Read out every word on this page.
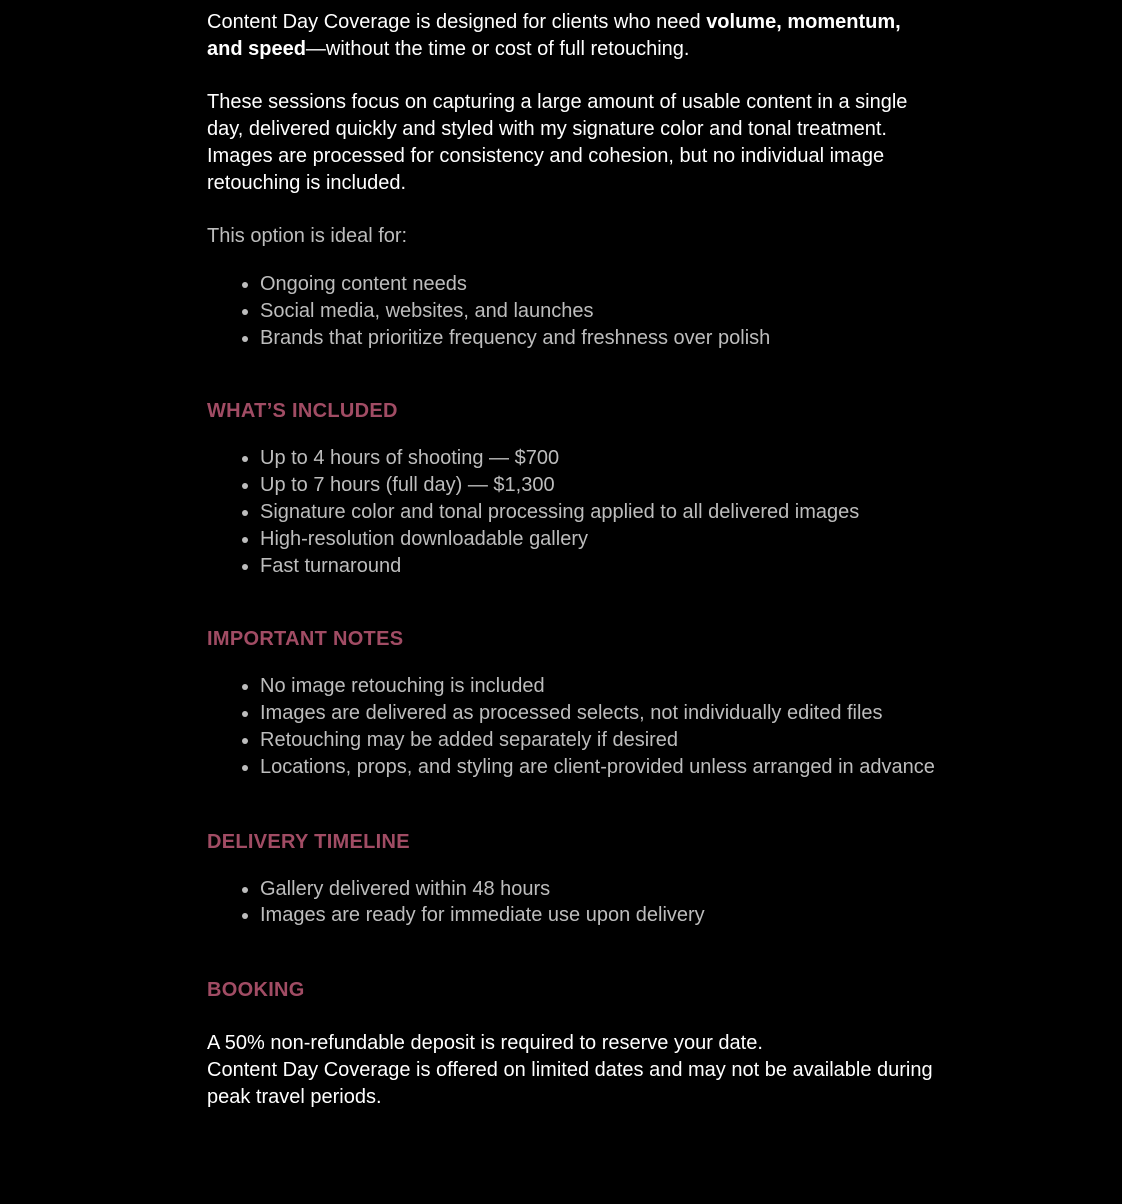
Content Day Coverage is designed for clients who need volume, momentum, and speed—without the time or cost of full retouching.

These sessions focus on capturing a large amount of usable content in a single day, delivered quickly and styled with my signature color and tonal treatment. Images are processed for consistency and cohesion, but no individual image retouching is included.

This option is ideal for:

• Ongoing content needs
• Social media, websites, and launches
• Brands that prioritize frequency and freshness over polish
WHAT’S INCLUDED
• Up to 4 hours of shooting — $700
• Up to 7 hours (full day) — $1,300
• Signature color and tonal processing applied to all delivered images
• High-resolution downloadable gallery
• Fast turnaround
IMPORTANT NOTES
• No image retouching is included
• Images are delivered as processed selects, not individually edited files
• Retouching may be added separately if desired
• Locations, props, and styling are client-provided unless arranged in advance
DELIVERY TIMELINE
• Gallery delivered within 48 hours
• Images are ready for immediate use upon delivery
BOOKING

A 50% non-refundable deposit is required to reserve your date.

Content Day Coverage is offered on limited dates and may not be available during peak travel periods.
